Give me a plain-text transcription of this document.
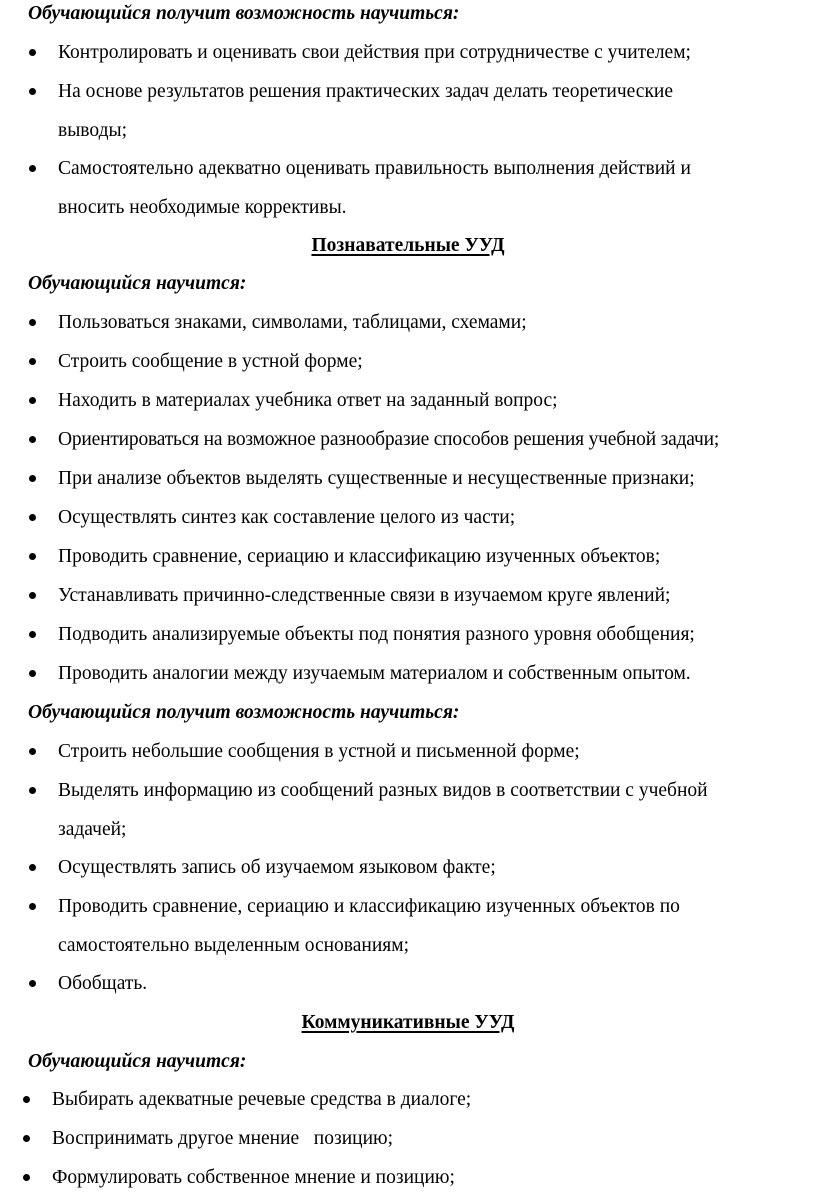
Обучающийся получит возможность научиться:
Контролировать и оценивать свои действия при сотрудничестве с учителем;
На основе результатов решения практических задач делать теоретические
выводы;
Самостоятельно адекватно оценивать правильность выполнения действий и
вносить необходимые коррективы.
Познавательные УУД
Обучающийся научится:
Пользоваться знаками, символами, таблицами, схемами;
Строить сообщение в устной форме;
Находить в материалах учебника ответ на заданный вопрос;
Ориентироваться на возможное разнообразие способов решения учебной задачи;
При анализе объектов выделять существенные и несущественные признаки;
Осуществлять синтез как составление целого из части;
Проводить сравнение, сериацию и классификацию изученных объектов;
Устанавливать причинно-следственные связи в изучаемом круге явлений;
Подводить анализируемые объекты под понятия разного уровня обобщения;
Проводить аналогии между изучаемым материалом и собственным опытом.
Обучающийся получит возможность научиться:
Строить небольшие сообщения в устной и письменной форме;
Выделять информацию из сообщений разных видов в соответствии с учебной
задачей;
Осуществлять запись об изучаемом языковом факте;
Проводить сравнение, сериацию и классификацию изученных объектов по
самостоятельно выделенным основаниям;
Обобщать.
Коммуникативные УУД
Обучающийся научится:
Выбирать адекватные речевые средства в диалоге;
Воспринимать другое мнение   позицию;
Формулировать собственное мнение и позицию;
